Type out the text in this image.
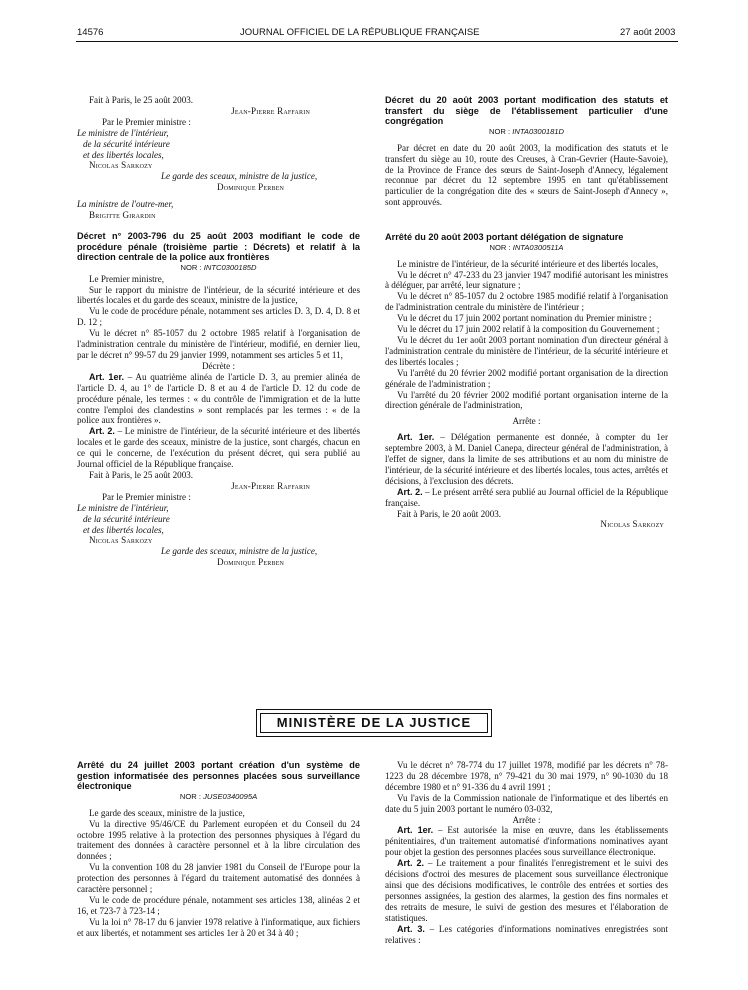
14576	JOURNAL OFFICIEL DE LA RÉPUBLIQUE FRANÇAISE	27 août 2003

Fait à Paris, le 25 août 2003.

Jean-Pierre Raffarin

Par le Premier ministre :

Le ministre de l'intérieur,

de la sécurité intérieure

et des libertés locales,

Nicolas Sarkozy

Le garde des sceaux, ministre de la justice,

Dominique Perben

La ministre de l'outre-mer,

Brigitte Girardin

Décret n° 2003-796 du 25 août 2003 modifiant le code de procédure pénale (troisième partie : Décrets) et relatif à la direction centrale de la police aux frontières

NOR : INTC0300185D

Le Premier ministre,

Sur le rapport du ministre de l'intérieur, de la sécurité intérieure et des libertés locales et du garde des sceaux, ministre de la justice,

Vu le code de procédure pénale, notamment ses articles D. 3, D. 4, D. 8 et D. 12 ;

Vu le décret n° 85-1057 du 2 octobre 1985 relatif à l'organisation de l'administration centrale du ministère de l'intérieur, modifié, en dernier lieu, par le décret n° 99-57 du 29 janvier 1999, notamment ses articles 5 et 11,

Décrète :

Art. 1er. – Au quatrième alinéa de l'article D. 3, au premier alinéa de l'article D. 4, au 1° de l'article D. 8 et au 4 de l'article D. 12 du code de procédure pénale, les termes : « du contrôle de l'immigration et de la lutte contre l'emploi des clandestins » sont remplacés par les termes : « de la police aux frontières ».

Art. 2. – Le ministre de l'intérieur, de la sécurité intérieure et des libertés locales et le garde des sceaux, ministre de la justice, sont chargés, chacun en ce qui le concerne, de l'exécution du présent décret, qui sera publié au Journal officiel de la République française.

Fait à Paris, le 25 août 2003.

Jean-Pierre Raffarin

Par le Premier ministre :

Le ministre de l'intérieur,

de la sécurité intérieure

et des libertés locales,

Nicolas Sarkozy

Le garde des sceaux, ministre de la justice,

Dominique Perben

Décret du 20 août 2003 portant modification des statuts et transfert du siège de l'établissement particulier d'une congrégation

NOR : INTA0300181D

Par décret en date du 20 août 2003, la modification des statuts et le transfert du siège au 10, route des Creuses, à Cran-Gevrier (Haute-Savoie), de la Province de France des sœurs de Saint-Joseph d'Annecy, légalement reconnue par décret du 12 septembre 1995 en tant qu'établissement particulier de la congrégation dite des « sœurs de Saint-Joseph d'Annecy », sont approuvés.

Arrêté du 20 août 2003 portant délégation de signature

NOR : INTA0300511A

Le ministre de l'intérieur, de la sécurité intérieure et des libertés locales,

Vu le décret n° 47-233 du 23 janvier 1947 modifié autorisant les ministres à déléguer, par arrêté, leur signature ;

Vu le décret n° 85-1057 du 2 octobre 1985 modifié relatif à l'organisation de l'administration centrale du ministère de l'intérieur ;

Vu le décret du 17 juin 2002 portant nomination du Premier ministre ;

Vu le décret du 17 juin 2002 relatif à la composition du Gouvernement ;

Vu le décret du 1er août 2003 portant nomination d'un directeur général à l'administration centrale du ministère de l'intérieur, de la sécurité intérieure et des libertés locales ;

Vu l'arrêté du 20 février 2002 modifié portant organisation de la direction générale de l'administration ;

Vu l'arrêté du 20 février 2002 modifié portant organisation interne de la direction générale de l'administration,

Arrête :

Art. 1er. – Délégation permanente est donnée, à compter du 1er septembre 2003, à M. Daniel Canepa, directeur général de l'administration, à l'effet de signer, dans la limite de ses attributions et au nom du ministre de l'intérieur, de la sécurité intérieure et des libertés locales, tous actes, arrêtés et décisions, à l'exclusion des décrets.

Art. 2. – Le présent arrêté sera publié au Journal officiel de la République française.

Fait à Paris, le 20 août 2003.

Nicolas Sarkozy

MINISTÈRE DE LA JUSTICE

Arrêté du 24 juillet 2003 portant création d'un système de gestion informatisée des personnes placées sous surveillance électronique

NOR : JUSE0340095A

Le garde des sceaux, ministre de la justice,

Vu la directive 95/46/CE du Parlement européen et du Conseil du 24 octobre 1995 relative à la protection des personnes physiques à l'égard du traitement des données à caractère personnel et à la libre circulation des données ;

Vu la convention 108 du 28 janvier 1981 du Conseil de l'Europe pour la protection des personnes à l'égard du traitement automatisé des données à caractère personnel ;

Vu le code de procédure pénale, notamment ses articles 138, alinéas 2 et 16, et 723-7 à 723-14 ;

Vu la loi n° 78-17 du 6 janvier 1978 relative à l'informatique, aux fichiers et aux libertés, et notamment ses articles 1er à 20 et 34 à 40 ;

Vu le décret n° 78-774 du 17 juillet 1978, modifié par les décrets n° 78-1223 du 28 décembre 1978, n° 79-421 du 30 mai 1979, n° 90-1030 du 18 décembre 1980 et n° 91-336 du 4 avril 1991 ;

Vu l'avis de la Commission nationale de l'informatique et des libertés en date du 5 juin 2003 portant le numéro 03-032,

Arrête :

Art. 1er. – Est autorisée la mise en œuvre, dans les établissements pénitentiaires, d'un traitement automatisé d'informations nominatives ayant pour objet la gestion des personnes placées sous surveillance électronique.

Art. 2. – Le traitement a pour finalités l'enregistrement et le suivi des décisions d'octroi des mesures de placement sous surveillance électronique ainsi que des décisions modificatives, le contrôle des entrées et sorties des personnes assignées, la gestion des alarmes, la gestion des fins normales et des retraits de mesure, le suivi de gestion des mesures et l'élaboration de statistiques.

Art. 3. – Les catégories d'informations nominatives enregistrées sont relatives :
